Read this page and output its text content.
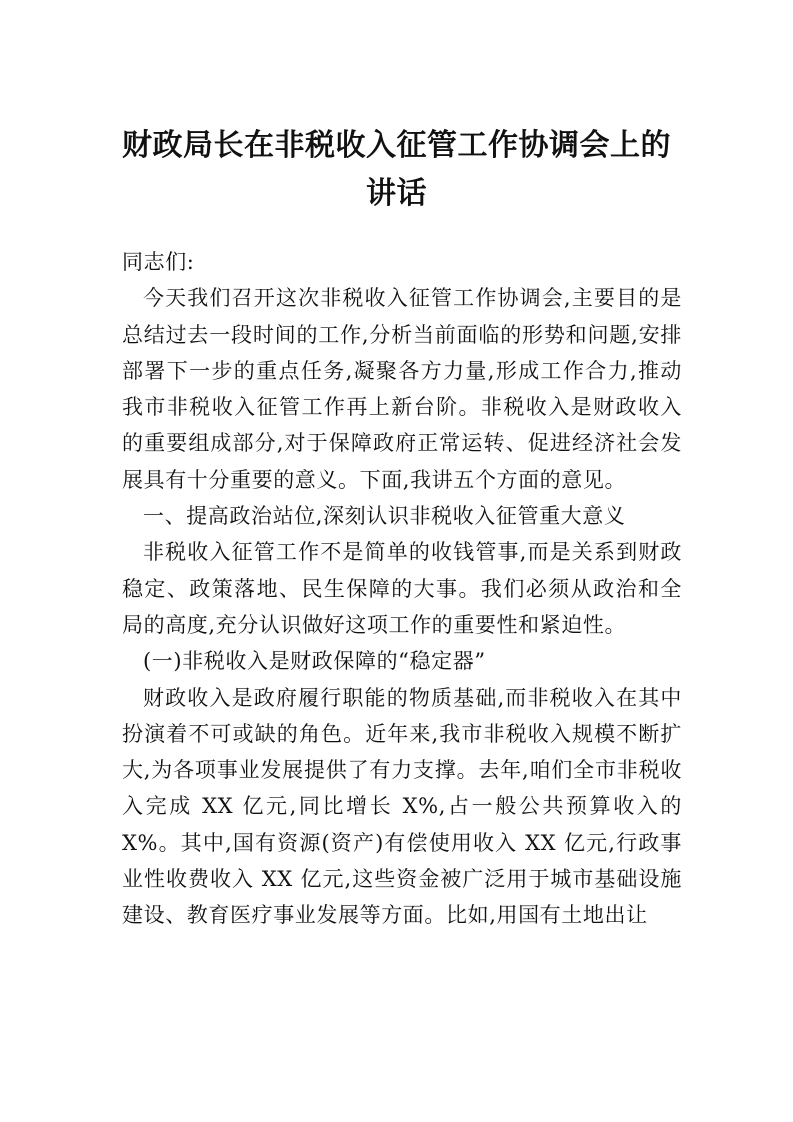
财政局长在非税收入征管工作协调会上的
讲话

同志们:

今天我们召开这次非税收入征管工作协调会,主要目的是总结过去一段时间的工作,分析当前面临的形势和问题,安排部署下一步的重点任务,凝聚各方力量,形成工作合力,推动我市非税收入征管工作再上新台阶。非税收入是财政收入的重要组成部分,对于保障政府正常运转、促进经济社会发展具有十分重要的意义。下面,我讲五个方面的意见。

一、提高政治站位,深刻认识非税收入征管重大意义

非税收入征管工作不是简单的收钱管事,而是关系到财政稳定、政策落地、民生保障的大事。我们必须从政治和全局的高度,充分认识做好这项工作的重要性和紧迫性。

(一)非税收入是财政保障的“稳定器”

财政收入是政府履行职能的物质基础,而非税收入在其中扮演着不可或缺的角色。近年来,我市非税收入规模不断扩大,为各项事业发展提供了有力支撑。去年,咱们全市非税收入完成 XX 亿元,同比增长 X%,占一般公共预算收入的 X%。其中,国有资源(资产)有偿使用收入 XX 亿元,行政事业性收费收入 XX 亿元,这些资金被广泛用于城市基础设施建设、教育医疗事业发展等方面。比如,用国有土地出让
